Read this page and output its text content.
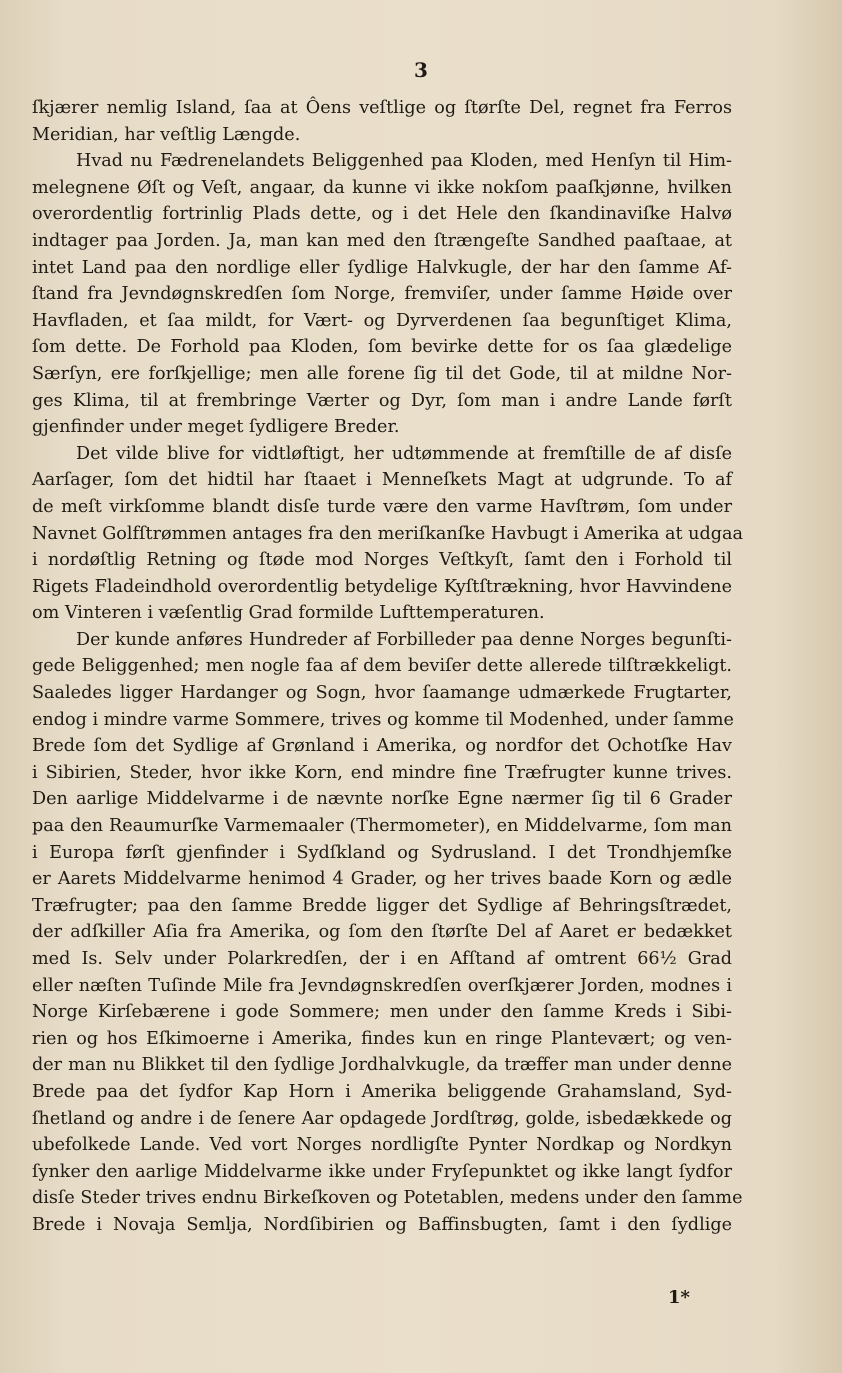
3

ſkjærer nemlig Island, ſaa at Ôens veſtlige og ſtørſte Del, regnet fra Ferros
Meridian, har veſtlig Længde.

Hvad nu Fædrenelandets Beliggenhed paa Kloden, med Henſyn til Him-
melegnene Øſt og Veſt, angaar, da kunne vi ikke nokſom paaſkjønne, hvilken
overordentlig fortrinlig Plads dette, og i det Hele den ſkandinaviſke Halvø
indtager paa Jorden. Ja, man kan med den ſtrængeſte Sandhed paaſtaae, at
intet Land paa den nordlige eller ſydlige Halvkugle, der har den ſamme Af-
ſtand fra Jevndøgnskredſen ſom Norge, fremviſer, under ſamme Høide over
Havfladen, et ſaa mildt, for Vært- og Dyrverdenen ſaa begunſtiget Klima,
ſom dette. De Forhold paa Kloden, ſom bevirke dette for os ſaa glædelige
Særſyn, ere forſkjellige; men alle forene ſig til det Gode, til at mildne Nor-
ges Klima, til at frembringe Værter og Dyr, ſom man i andre Lande førſt
gjenfinder under meget ſydligere Breder.

Det vilde blive for vidtløftigt, her udtømmende at fremſtille de af disſe
Aarſager, ſom det hidtil har ſtaaet i Menneſkets Magt at udgrunde. To af
de meſt virkſomme blandt disſe turde være den varme Havſtrøm, ſom under
Navnet Golfſtrømmen antages fra den meriſkanſke Havbugt i Amerika at udgaa
i nordøſtlig Retning og ſtøde mod Norges Veſtkyſt, ſamt den i Forhold til
Rigets Fladeindhold overordentlig betydelige Kyſtſtrækning, hvor Havvindene
om Vinteren i væſentlig Grad formilde Lufttemperaturen.

Der kunde anføres Hundreder af Forbilleder paa denne Norges begunſti-
gede Beliggenhed; men nogle faa af dem beviſer dette allerede tilſtrækkeligt.
Saaledes ligger Hardanger og Sogn, hvor ſaamange udmærkede Frugtarter,
endog i mindre varme Sommere, trives og komme til Modenhed, under ſamme
Brede ſom det Sydlige af Grønland i Amerika, og nordfor det Ochotſke Hav
i Sibirien, Steder, hvor ikke Korn, end mindre fine Træfrugter kunne trives.
Den aarlige Middelvarme i de nævnte norſke Egne nærmer ſig til 6 Grader
paa den Reaumurſke Varmemaaler (Thermometer), en Middelvarme, ſom man
i Europa førſt gjenfinder i Sydſkland og Sydrusland. I det Trondhjemſke
er Aarets Middelvarme henimod 4 Grader, og her trives baade Korn og ædle
Træfrugter; paa den ſamme Bredde ligger det Sydlige af Behringsſtrædet,
der adſkiller Aſia fra Amerika, og ſom den ſtørſte Del af Aaret er bedækket
med Is. Selv under Polarkredſen, der i en Afſtand af omtrent 66½ Grad
eller næſten Tuſinde Mile fra Jevndøgnskredſen overſkjærer Jorden, modnes i
Norge Kirſebærene i gode Sommere; men under den ſamme Kreds i Sibi-
rien og hos Eſkimoerne i Amerika, findes kun en ringe Plantevært; og ven-
der man nu Blikket til den ſydlige Jordhalvkugle, da træffer man under denne
Brede paa det ſydfor Kap Horn i Amerika beliggende Grahamsland, Syd-
ſhetland og andre i de ſenere Aar opdagede Jordſtrøg, golde, isbedækkede og
ubefolkede Lande. Ved vort Norges nordligſte Pynter Nordkap og Nordkyn
ſynker den aarlige Middelvarme ikke under Fryſepunktet og ikke langt ſydfor
disſe Steder trives endnu Birkeſkoven og Potetablen, medens under den ſamme
Brede i Novaja Semlja, Nordſibirien og Baffinsbugten, ſamt i den ſydlige

1*
